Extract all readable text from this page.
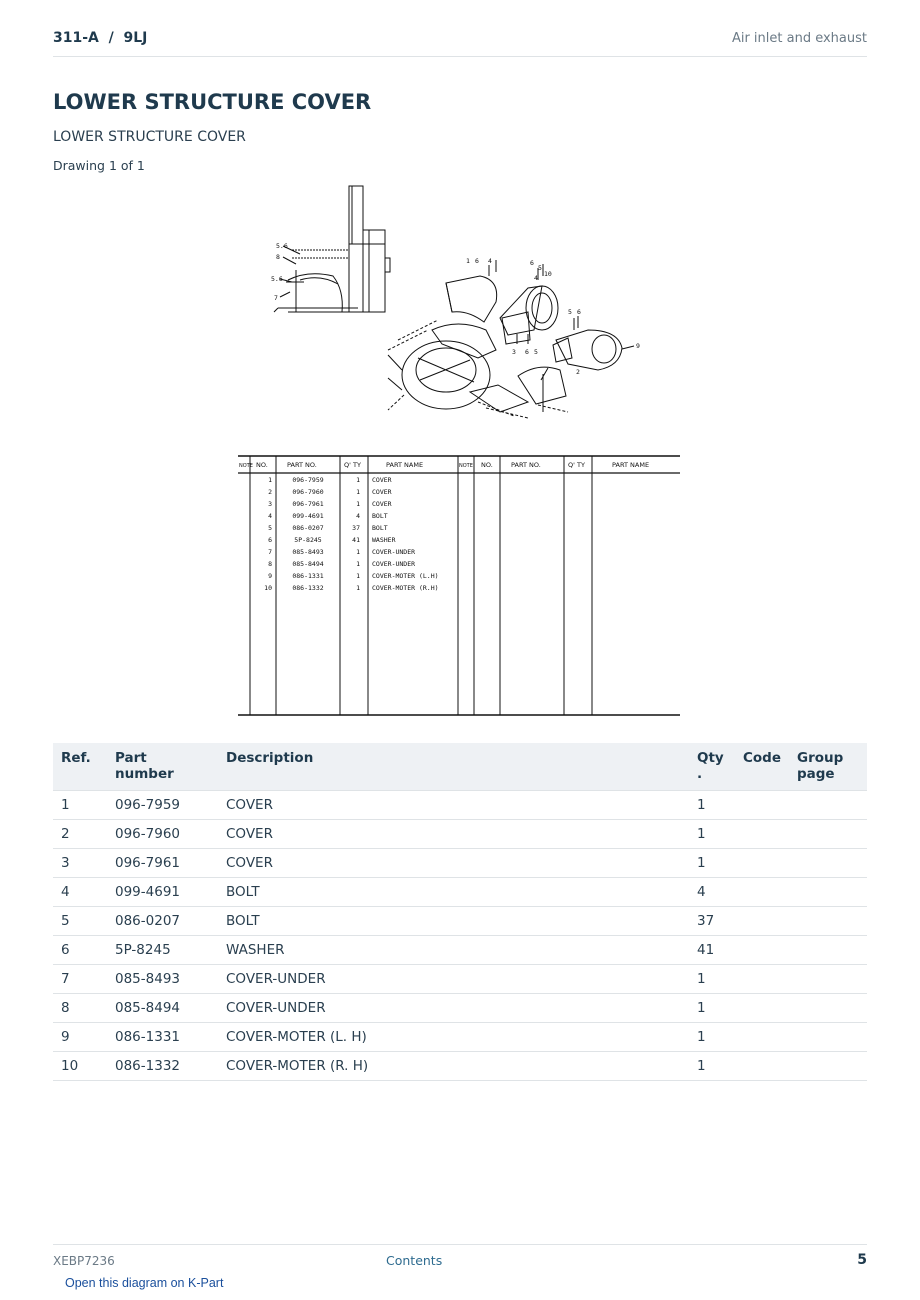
311-A  /  9LJ	Air inlet and exhaust
LOWER STRUCTURE COVER
LOWER STRUCTURE COVER
Drawing 1 of 1
5.6
8
5.6
7
1 6 4	6
5
10
4
5 6
9
3 6 5
2
NOTE NO.	PART NO.	Q' TY	PART NAME	NOTE NO.	PART NO.	Q' TY	PART NAME
1	096-7959	1 COVER
2	096-7960	1 COVER
3	096-7961	1 COVER
4	099-4691	4 BOLT
5	086-0207	37 BOLT
6	5P-8245	41 WASHER
7	085-8493	1 COVER-UNDER
8	085-8494	1 COVER-UNDER
9	086-1331	1 COVER-MOTER (L.H)
10	086-1332	1 COVER-MOTER (R.H)
Ref.	Part number	Description	Qty
.	Code	Group page
1	096-7959	COVER	1		
2	096-7960	COVER	1		
3	096-7961	COVER	1		
4	099-4691	BOLT	4		
5	086-0207	BOLT	37		
6	5P-8245	WASHER	41		
7	085-8493	COVER-UNDER	1		
8	085-8494	COVER-UNDER	1		
9	086-1331	COVER-MOTER (L. H)	1		
10	086-1332	COVER-MOTER (R. H)	1		
XEBP7236	Contents	5
Open this diagram on K-Part
